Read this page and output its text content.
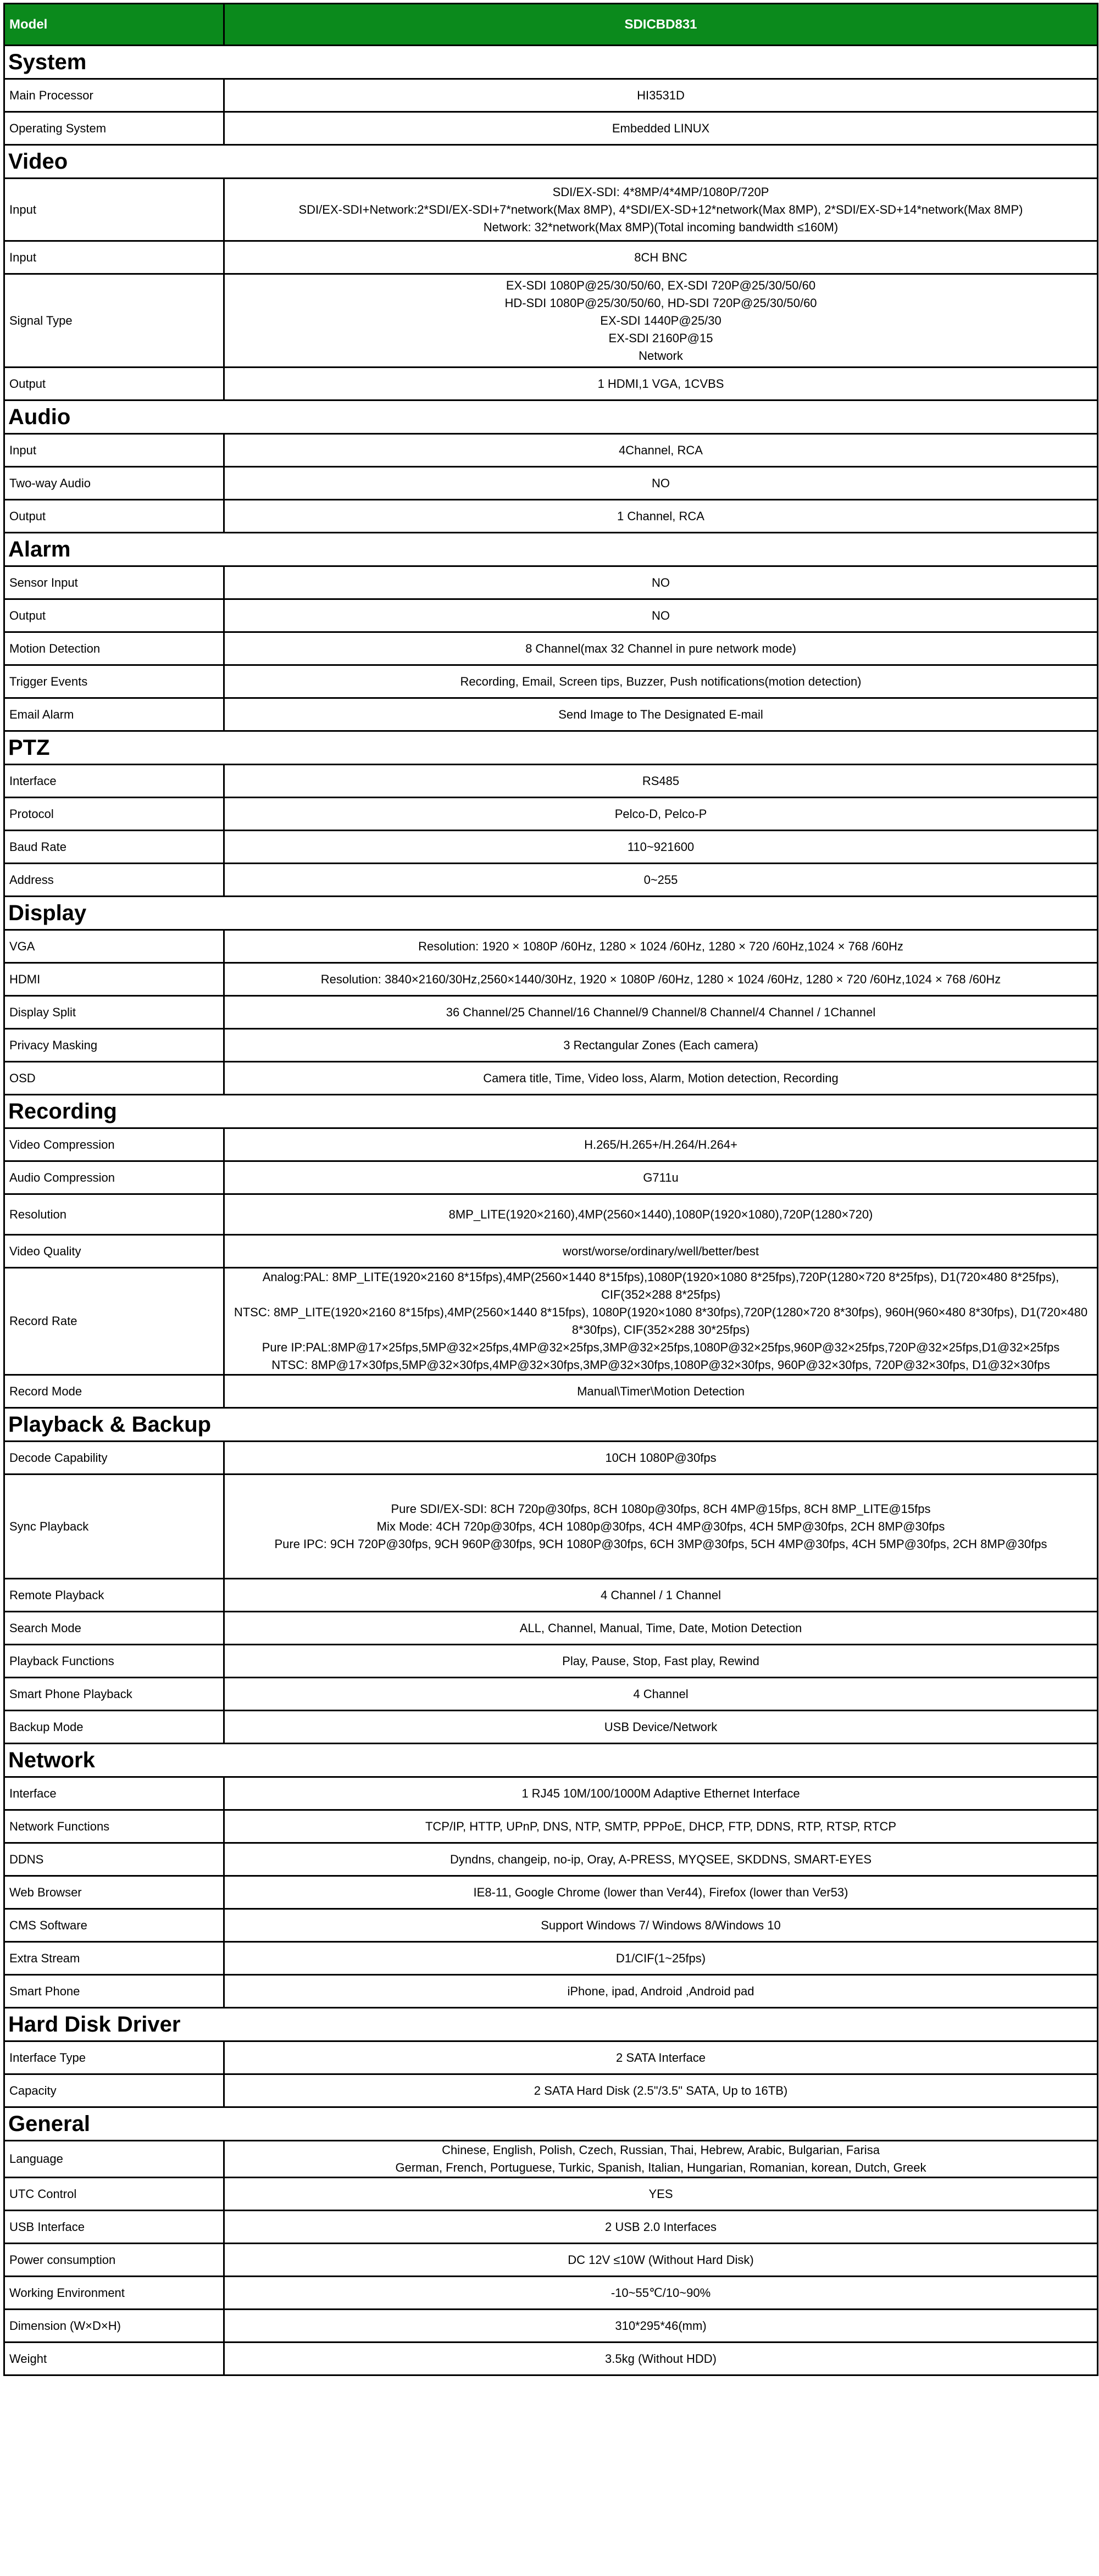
Model	SDICBD831
System	
Main Processor	HI3531D
Operating System	Embedded LINUX
Video	
Input	SDI/EX-SDI: 4*8MP/4*4MP/1080P/720P
SDI/EX-SDI+Network:2*SDI/EX-SDI+7*network(Max 8MP), 4*SDI/EX-SD+12*network(Max 8MP), 2*SDI/EX-SD+14*network(Max 8MP)
Network: 32*network(Max 8MP)(Total incoming bandwidth ≤160M)
Input	8CH BNC
Signal Type	EX-SDI 1080P@25/30/50/60, EX-SDI 720P@25/30/50/60
HD-SDI 1080P@25/30/50/60, HD-SDI 720P@25/30/50/60
EX-SDI 1440P@25/30
EX-SDI 2160P@15
Network
Output	1 HDMI,1 VGA, 1CVBS
Audio	
Input	4Channel, RCA
Two-way Audio	NO
Output	1 Channel, RCA
Alarm	
Sensor Input	NO
Output	NO
Motion Detection	8 Channel(max 32 Channel in pure network mode)
Trigger Events	Recording, Email, Screen tips, Buzzer, Push notifications(motion detection)
Email Alarm	Send Image to The Designated E-mail
PTZ	
Interface	RS485
Protocol	Pelco-D, Pelco-P
Baud Rate	110~921600
Address	0~255
Display	
VGA	Resolution: 1920 × 1080P /60Hz, 1280 × 1024 /60Hz, 1280 × 720 /60Hz,1024 × 768 /60Hz
HDMI	Resolution: 3840×2160/30Hz,2560×1440/30Hz, 1920 × 1080P /60Hz, 1280 × 1024 /60Hz, 1280 × 720 /60Hz,1024 × 768 /60Hz
Display Split	36 Channel/25 Channel/16 Channel/9 Channel/8 Channel/4 Channel / 1Channel
Privacy Masking	3 Rectangular Zones (Each camera)
OSD	Camera title, Time, Video loss, Alarm, Motion detection, Recording
Recording	
Video Compression	H.265/H.265+/H.264/H.264+
Audio Compression	G711u
Resolution	8MP_LITE(1920×2160),4MP(2560×1440),1080P(1920×1080),720P(1280×720)
Video Quality	worst/worse/ordinary/well/better/best
Record Rate	Analog:PAL: 8MP_LITE(1920×2160 8*15fps),4MP(2560×1440 8*15fps),1080P(1920×1080 8*25fps),720P(1280×720 8*25fps), D1(720×480 8*25fps), CIF(352×288 8*25fps)
NTSC: 8MP_LITE(1920×2160 8*15fps),4MP(2560×1440 8*15fps), 1080P(1920×1080 8*30fps),720P(1280×720 8*30fps), 960H(960×480 8*30fps), D1(720×480 8*30fps), CIF(352×288 30*25fps)
Pure IP:PAL:8MP@17×25fps,5MP@32×25fps,4MP@32×25fps,3MP@32×25fps,1080P@32×25fps,960P@32×25fps,720P@32×25fps,D1@32×25fps
NTSC: 8MP@17×30fps,5MP@32×30fps,4MP@32×30fps,3MP@32×30fps,1080P@32×30fps, 960P@32×30fps, 720P@32×30fps, D1@32×30fps
Record Mode	Manual\Timer\Motion Detection
Playback & Backup	
Decode Capability	10CH 1080P@30fps
Sync Playback	Pure SDI/EX-SDI: 8CH 720p@30fps, 8CH 1080p@30fps, 8CH 4MP@15fps, 8CH 8MP_LITE@15fps
Mix Mode: 4CH 720p@30fps, 4CH 1080p@30fps, 4CH 4MP@30fps, 4CH 5MP@30fps, 2CH 8MP@30fps
Pure IPC: 9CH 720P@30fps, 9CH 960P@30fps, 9CH 1080P@30fps, 6CH 3MP@30fps, 5CH 4MP@30fps, 4CH 5MP@30fps, 2CH 8MP@30fps
Remote Playback	4 Channel / 1 Channel
Search Mode	ALL, Channel, Manual, Time, Date, Motion Detection
Playback Functions	Play, Pause, Stop, Fast play, Rewind
Smart Phone Playback	4 Channel
Backup Mode	USB Device/Network
Network	
Interface	1 RJ45 10M/100/1000M Adaptive Ethernet Interface
Network Functions	TCP/IP, HTTP, UPnP, DNS, NTP, SMTP, PPPoE, DHCP, FTP, DDNS, RTP, RTSP, RTCP
DDNS	Dyndns, changeip, no-ip, Oray, A-PRESS, MYQSEE, SKDDNS, SMART-EYES
Web Browser	IE8-11, Google Chrome (lower than Ver44), Firefox (lower than Ver53)
CMS Software	Support Windows 7/ Windows 8/Windows 10
Extra Stream	D1/CIF(1~25fps)
Smart Phone	iPhone, ipad, Android ,Android pad
Hard Disk Driver	
Interface Type	2 SATA Interface
Capacity	2 SATA Hard Disk (2.5"/3.5" SATA, Up to 16TB)
General	
Language	Chinese, English, Polish, Czech, Russian, Thai, Hebrew, Arabic, Bulgarian, Farisa
German, French, Portuguese, Turkic, Spanish, Italian, Hungarian, Romanian, korean, Dutch, Greek
UTC Control	YES
USB Interface	2 USB 2.0 Interfaces
Power consumption	DC 12V ≤10W (Without Hard Disk)
Working Environment	-10~55℃/10~90%
Dimension (W×D×H)	310*295*46(mm)
Weight	3.5kg (Without HDD)
